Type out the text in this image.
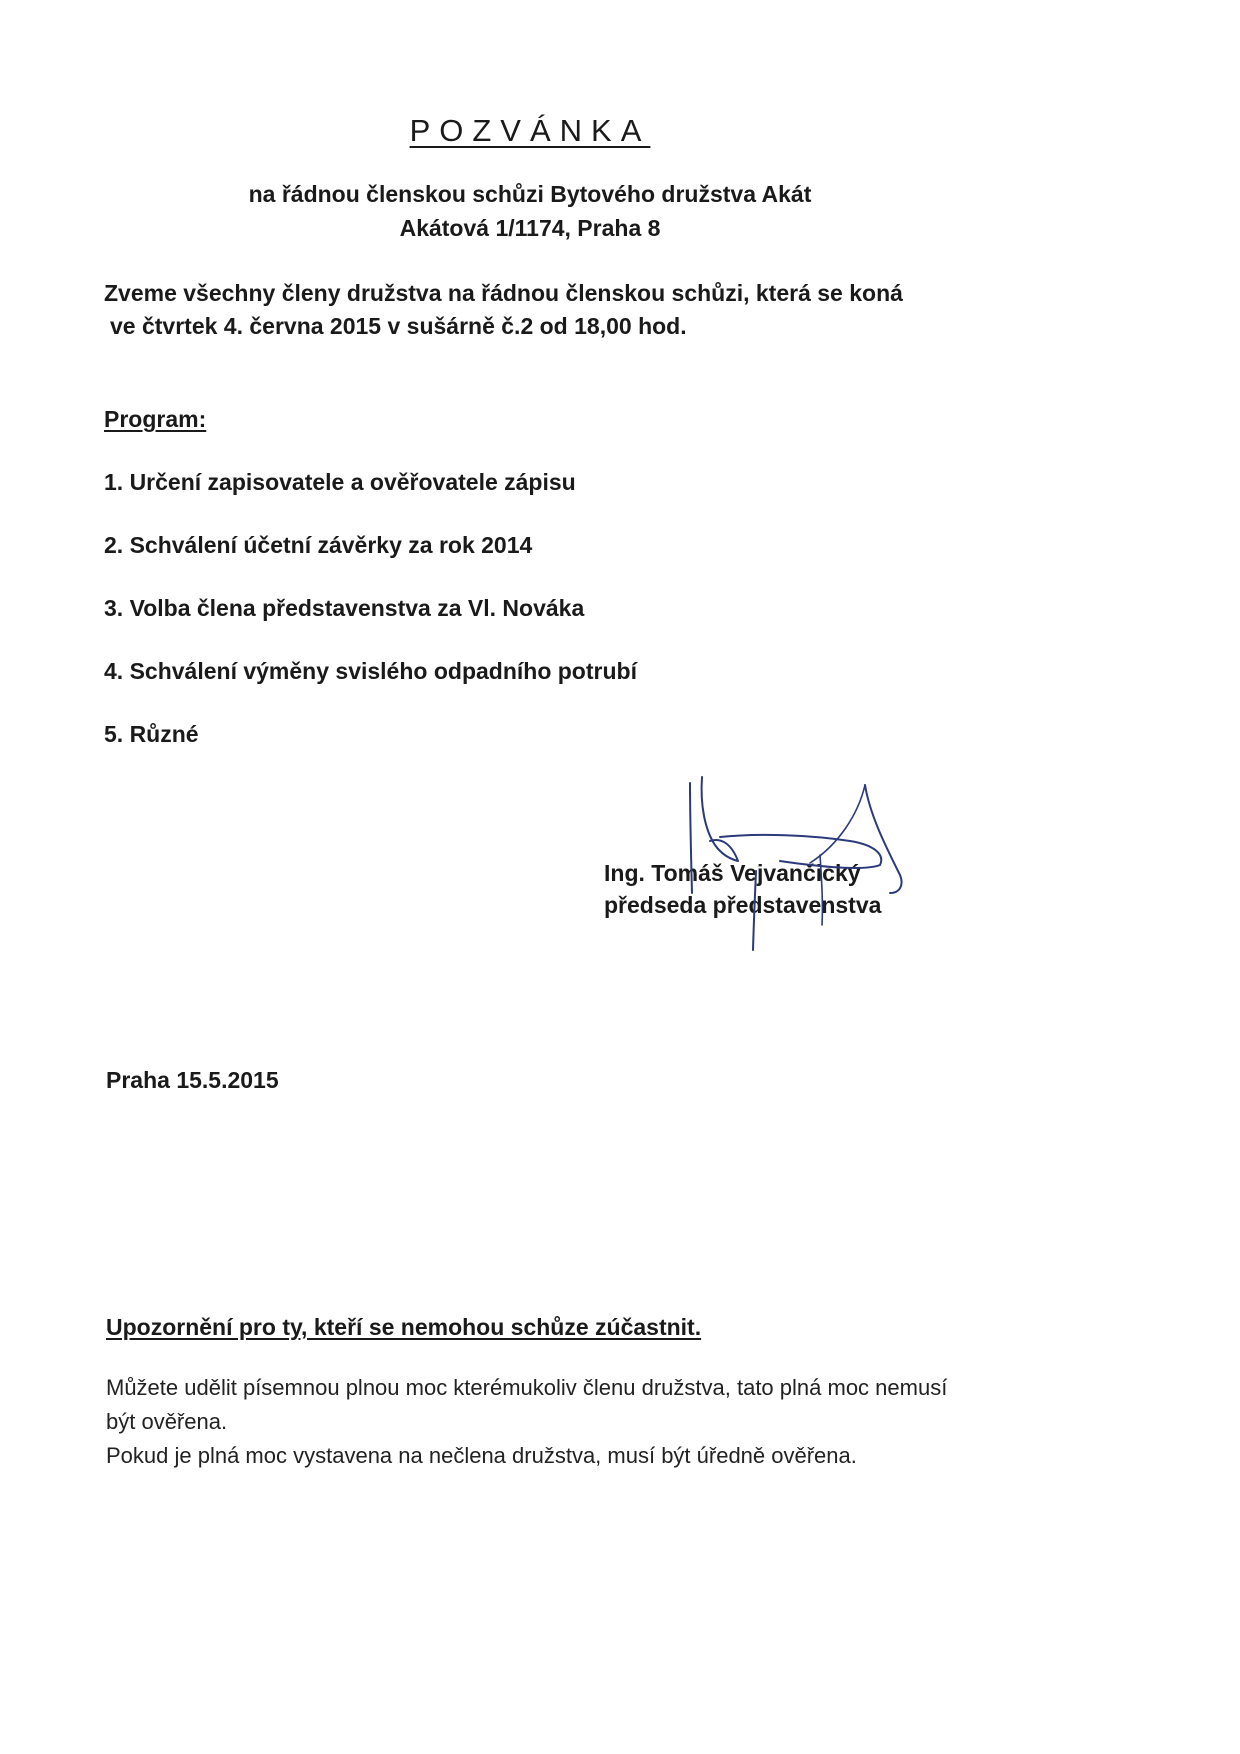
POZVÁNKA
na řádnou členskou schůzi Bytového družstva Akát
Akátová 1/1174, Praha 8
Zveme všechny členy družstva na řádnou členskou schůzi, která se koná
ve čtvrtek 4. června 2015 v sušárně č.2 od 18,00 hod.
Program:
1. Určení zapisovatele a ověřovatele zápisu
2. Schválení účetní závěrky za rok 2014
3. Volba člena představenstva za Vl. Nováka
4. Schválení výměny svislého odpadního potrubí
5. Různé
Ing. Tomáš Vejvančický
předseda představenstva
Praha 15.5.2015
Upozornění pro ty, kteří se nemohou schůze zúčastnit.
Můžete udělit písemnou plnou moc kterémukoliv členu družstva, tato plná moc nemusí
být ověřena.
Pokud je plná moc vystavena na nečlena družstva, musí být úředně ověřena.
